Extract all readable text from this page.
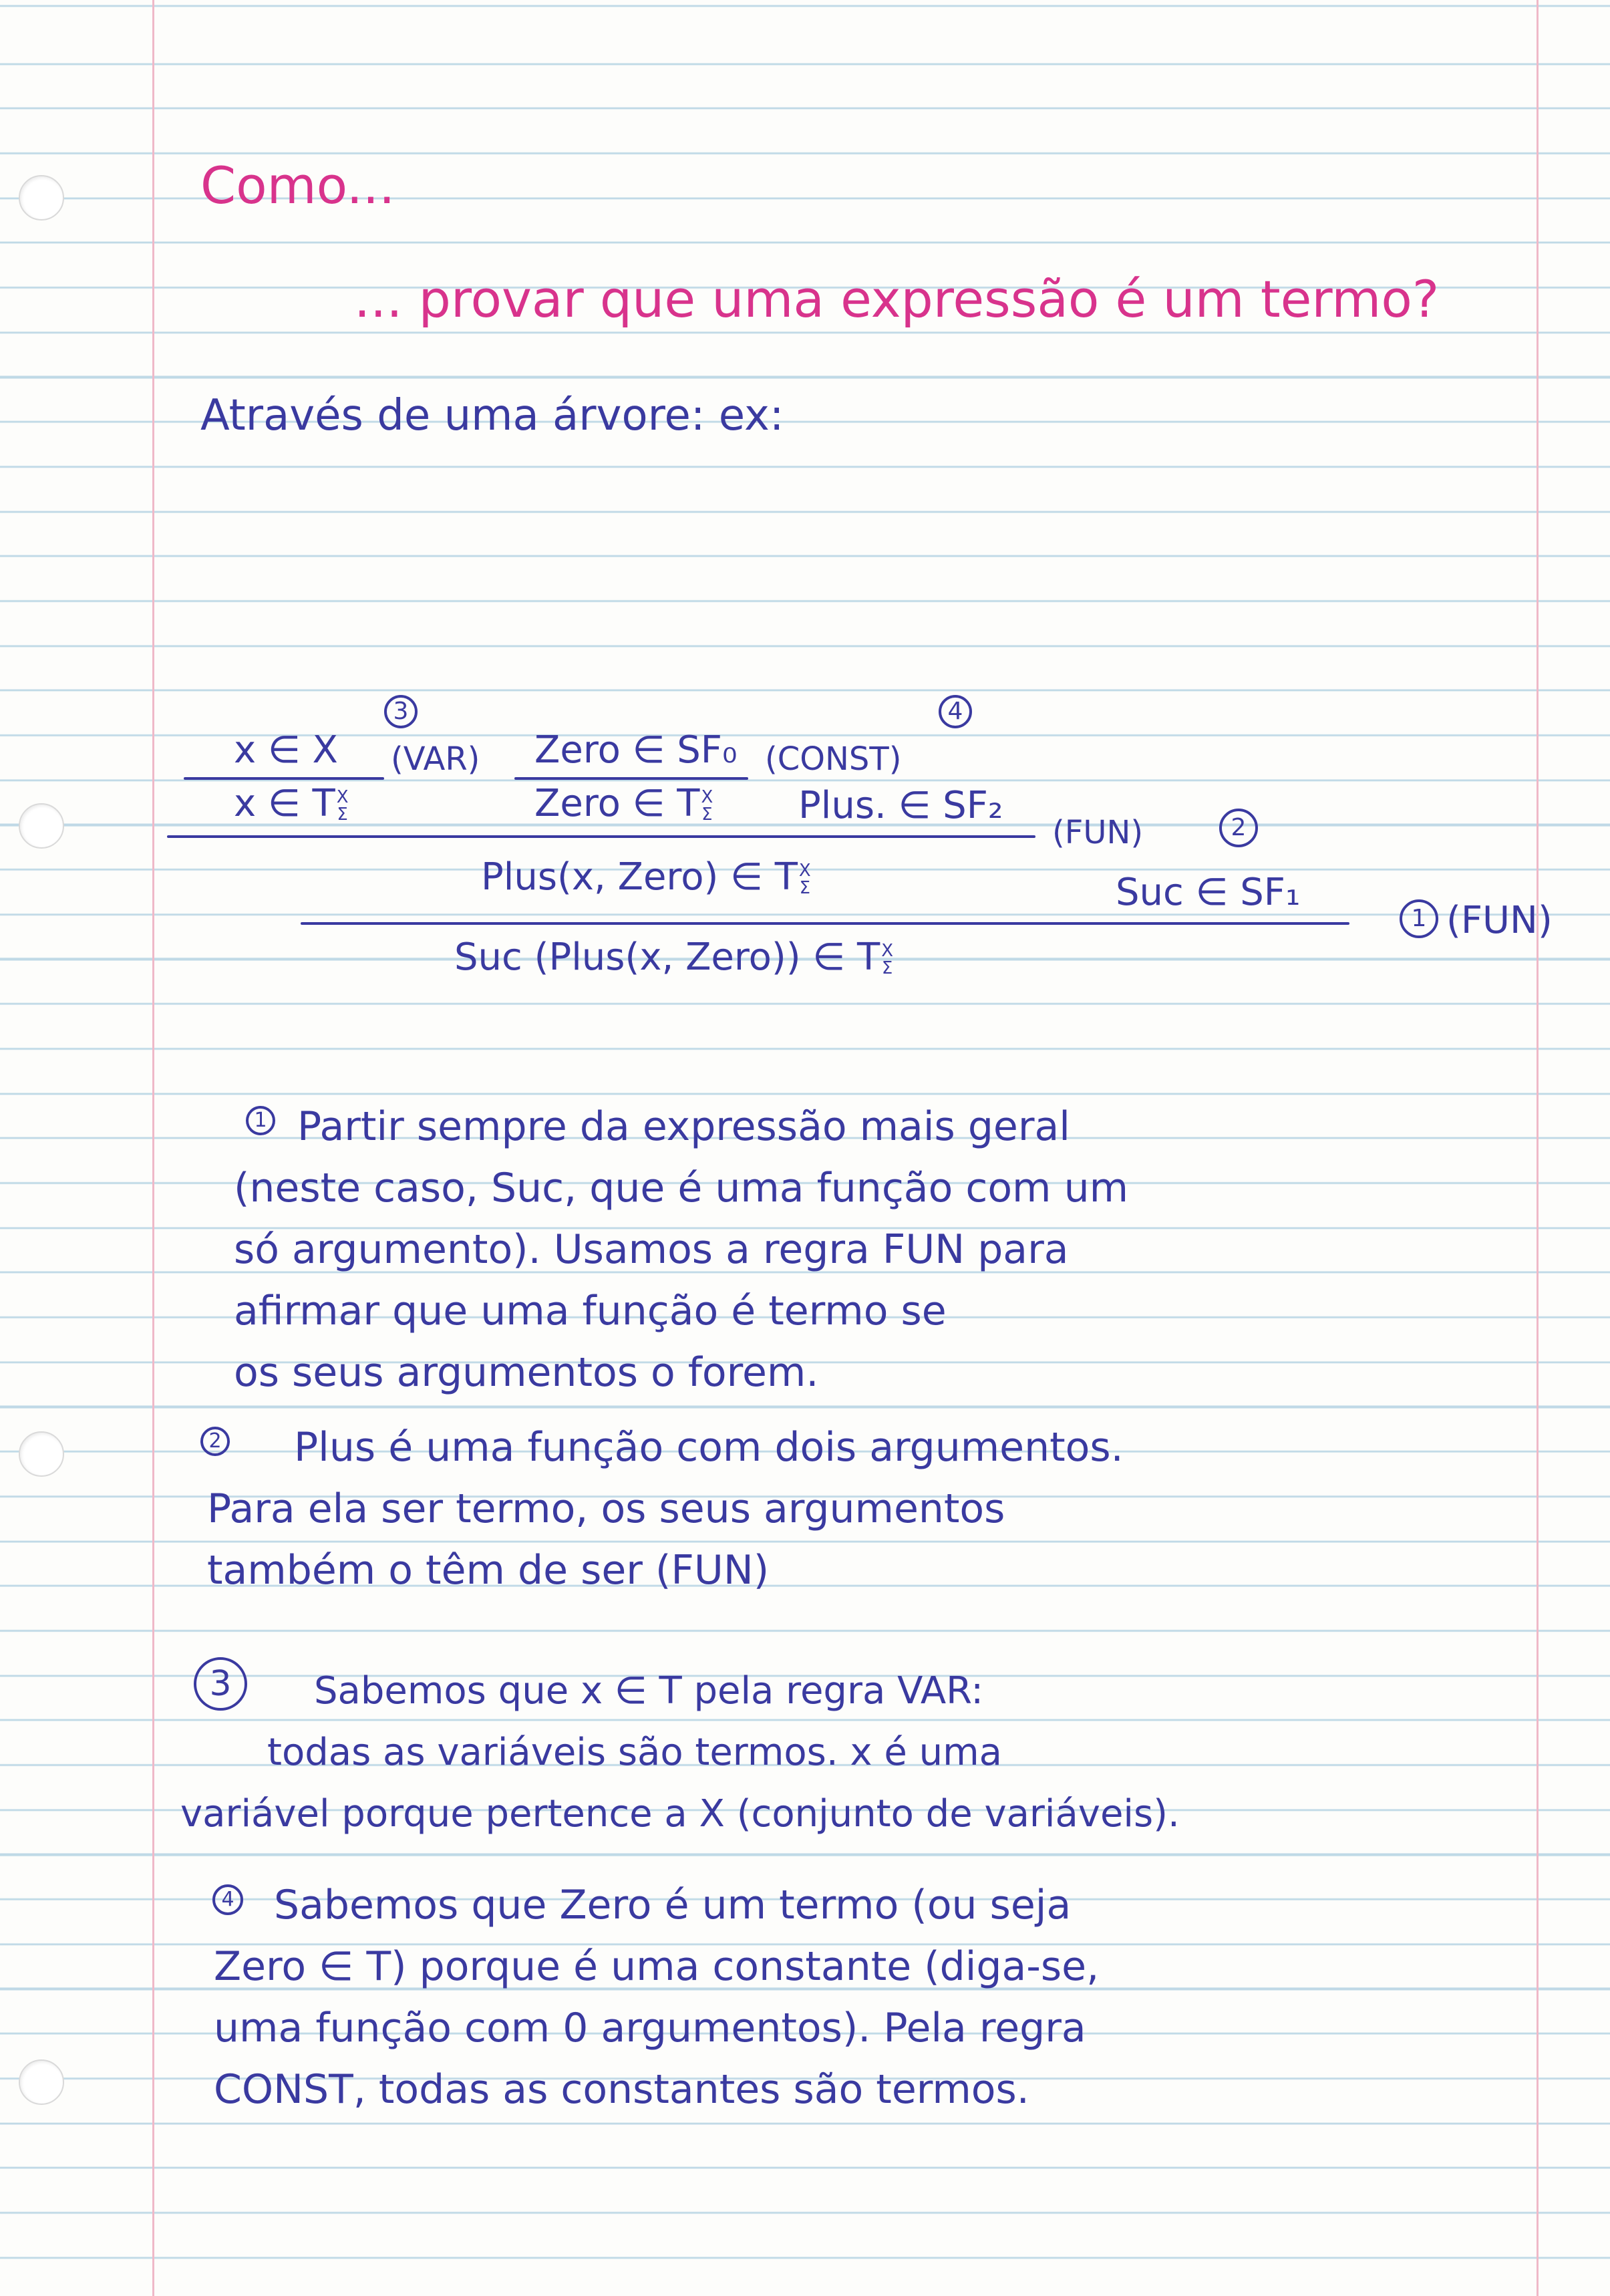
Como...
... provar que uma expressão é um termo?
Através de uma árvore: ex:
x ∈ X
3
(VAR)
x ∈ T X
Σ
Zero ∈ SF₀ (CONST)
4
Zero ∈ T X
Σ Plus. ∈ SF₂
(FUN)	2
Plus(x, Zero) ∈ T X
Σ	Suc ∈ SF₁
1 (FUN)
Suc (Plus(x, Zero)) ∈ T X
Σ
1 Partir sempre da expressão mais geral
(neste caso, Suc, que é uma função com um
só argumento). Usamos a regra FUN para
afirmar que uma função é termo se
os seus argumentos o forem.
2	Plus é uma função com dois argumentos.
Para ela ser termo, os seus argumentos
também o têm de ser (FUN)
3	Sabemos que x ∈ T pela regra VAR:
todas as variáveis são termos. x é uma
variável porque pertence a X (conjunto de variáveis).
4 Sabemos que Zero é um termo (ou seja
Zero ∈ T) porque é uma constante (diga-se,
uma função com 0 argumentos). Pela regra
CONST, todas as constantes são termos.
